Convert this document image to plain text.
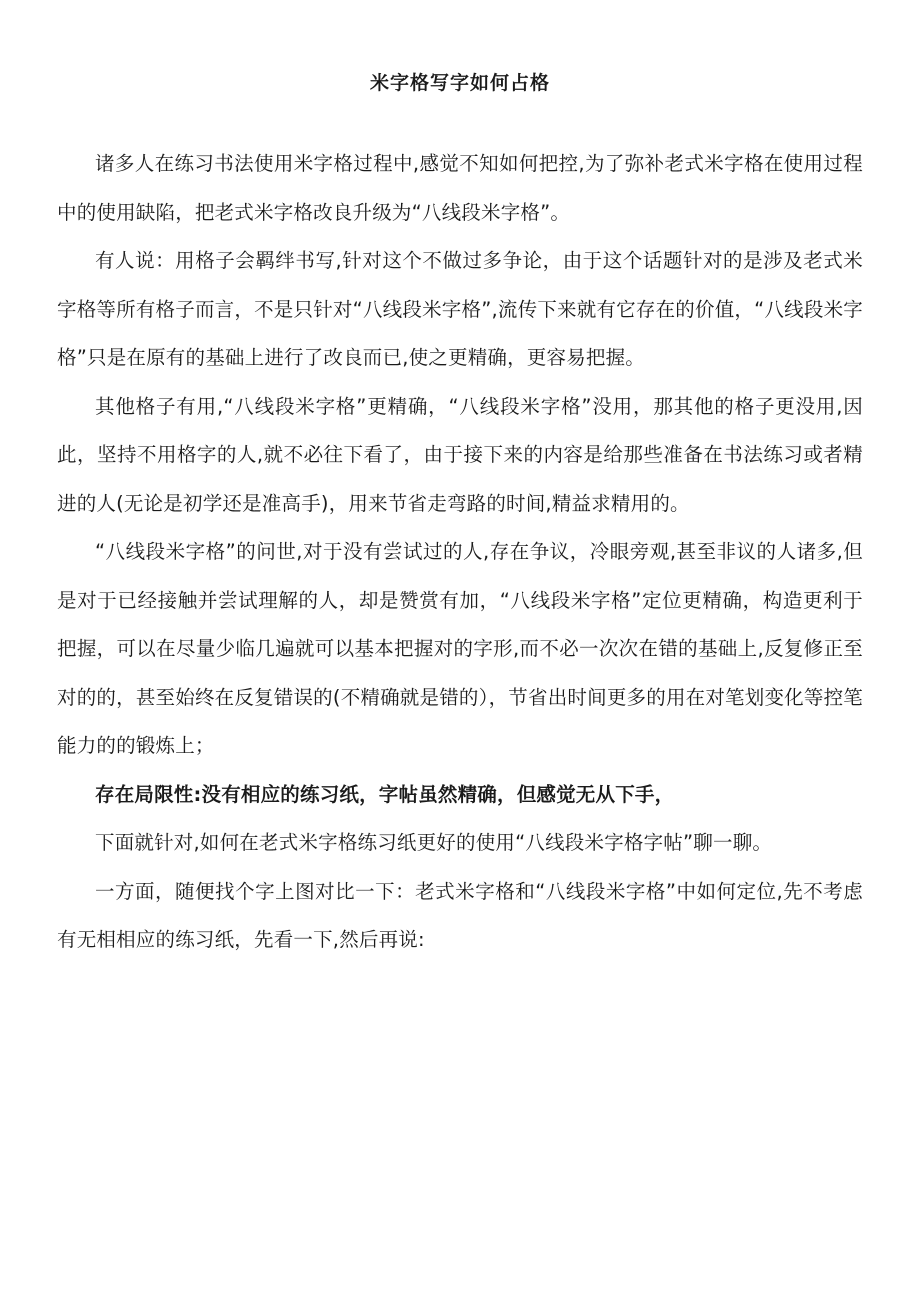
米字格写字如何占格

诸多人在练习书法使用米字格过程中,感觉不知如何把控,为了弥补老式米字格在使用过程中的使用缺陷，把老式米字格改良升级为“八线段米字格”。

有人说：用格子会羁绊书写,针对这个不做过多争论，由于这个话题针对的是涉及老式米字格等所有格子而言，不是只针对“八线段米字格”,流传下来就有它存在的价值，“八线段米字格”只是在原有的基础上进行了改良而已,使之更精确，更容易把握。

其他格子有用,“八线段米字格”更精确，“八线段米字格”没用，那其他的格子更没用,因此，坚持不用格字的人,就不必往下看了，由于接下来的内容是给那些准备在书法练习或者精进的人(无论是初学还是准高手)，用来节省走弯路的时间,精益求精用的。

“八线段米字格”的问世,对于没有尝试过的人,存在争议，冷眼旁观,甚至非议的人诸多,但是对于已经接触并尝试理解的人，却是赞赏有加，“八线段米字格”定位更精确，构造更利于把握，可以在尽量少临几遍就可以基本把握对的字形,而不必一次次在错的基础上,反复修正至对的的，甚至始终在反复错误的(不精确就是错的），节省出时间更多的用在对笔划变化等控笔能力的的锻炼上；

存在局限性:没有相应的练习纸，字帖虽然精确，但感觉无从下手，

下面就针对,如何在老式米字格练习纸更好的使用“八线段米字格字帖”聊一聊。

一方面，随便找个字上图对比一下：老式米字格和“八线段米字格”中如何定位,先不考虑有无相相应的练习纸，先看一下,然后再说:
